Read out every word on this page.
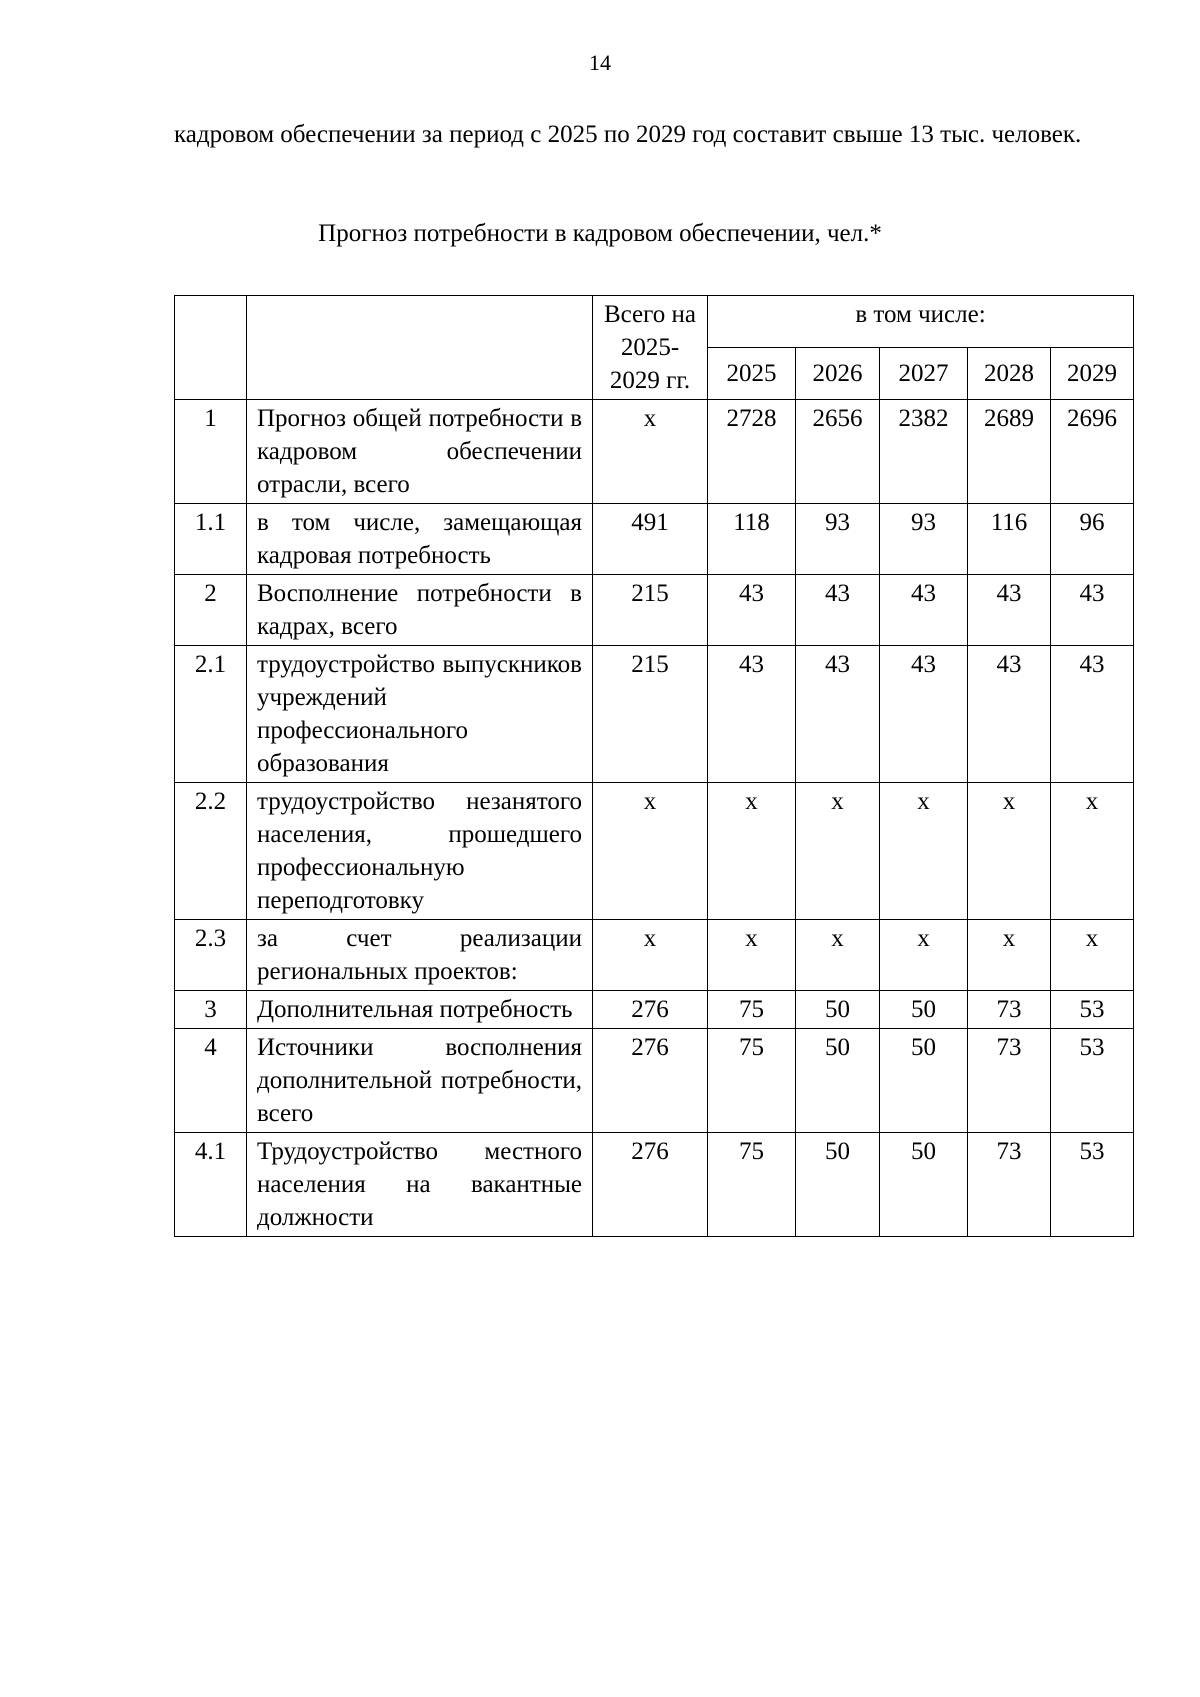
14
кадровом обеспечении за период с 2025 по 2029 год составит свыше 13 тыс. человек.
Прогноз потребности в кадровом обеспечении, чел.*
		Всего на 2025-2029 гг.	в том числе:				
			2025	2026	2027	2028	2029
1	Прогноз общей потребности в кадровом обеспечении отрасли, всего	х	2728	2656	2382	2689	2696
1.1	в том числе, замещающая кадровая потребность	491	118	93	93	116	96
2	Восполнение потребности в кадрах, всего	215	43	43	43	43	43
2.1	трудоустройство выпускников учреждений профессионального образования	215	43	43	43	43	43
2.2	трудоустройство незанятого населения, прошедшего профессиональную переподготовку	х	х	х	х	х	х
2.3	за счет реализации региональных проектов:	х	х	х	х	х	х
3	Дополнительная потребность	276	75	50	50	73	53
4	Источники восполнения дополнительной потребности, всего	276	75	50	50	73	53
4.1	Трудоустройство местного населения на вакантные должности	276	75	50	50	73	53
